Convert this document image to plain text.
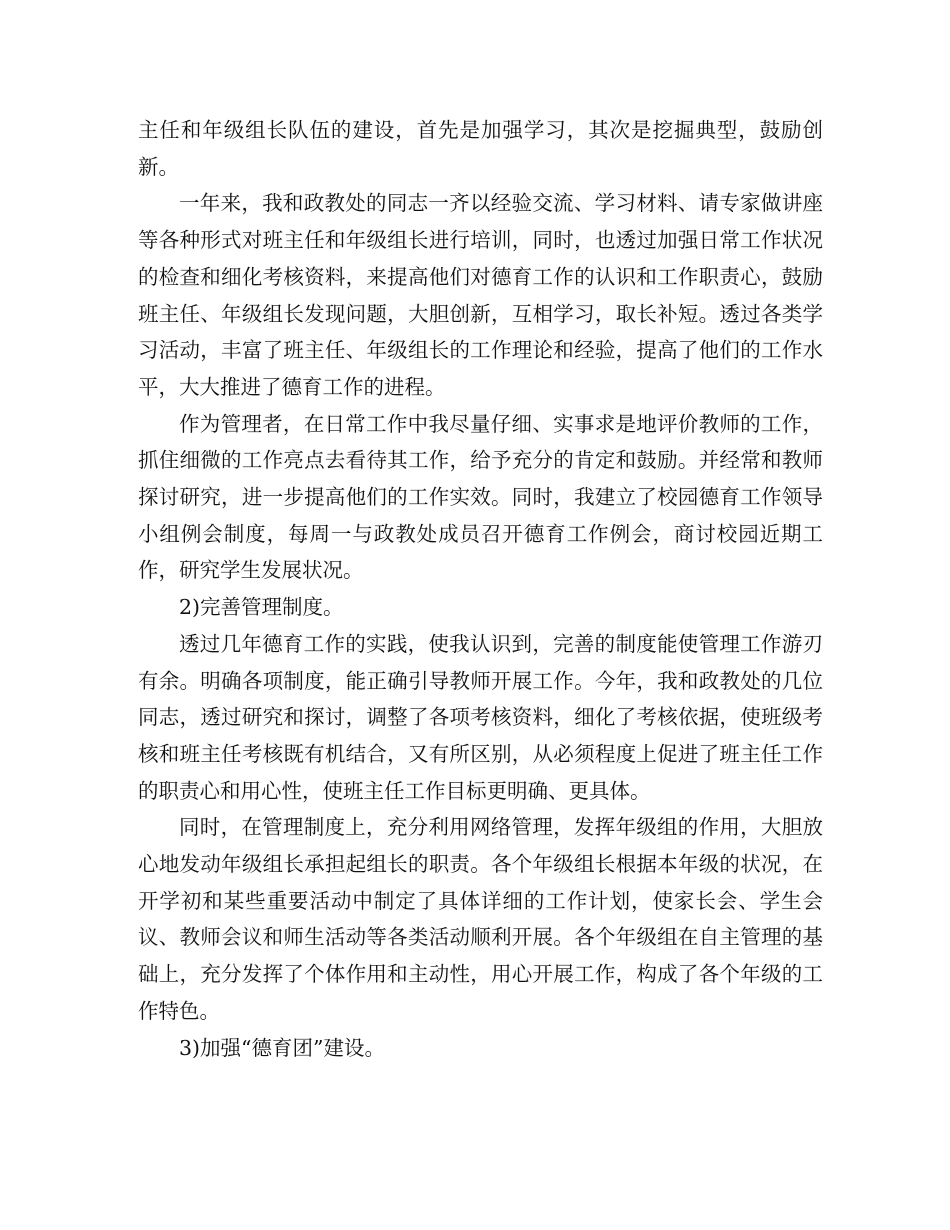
主任和年级组长队伍的建设，首先是加强学习，其次是挖掘典型，鼓励创新。

一年来，我和政教处的同志一齐以经验交流、学习材料、请专家做讲座等各种形式对班主任和年级组长进行培训，同时，也透过加强日常工作状况的检查和细化考核资料，来提高他们对德育工作的认识和工作职责心，鼓励班主任、年级组长发现问题，大胆创新，互相学习，取长补短。透过各类学习活动，丰富了班主任、年级组长的工作理论和经验，提高了他们的工作水平，大大推进了德育工作的进程。

作为管理者，在日常工作中我尽量仔细、实事求是地评价教师的工作，抓住细微的工作亮点去看待其工作，给予充分的肯定和鼓励。并经常和教师探讨研究，进一步提高他们的工作实效。同时，我建立了校园德育工作领导小组例会制度，每周一与政教处成员召开德育工作例会，商讨校园近期工作，研究学生发展状况。

2)完善管理制度。

透过几年德育工作的实践，使我认识到，完善的制度能使管理工作游刃有余。明确各项制度，能正确引导教师开展工作。今年，我和政教处的几位同志，透过研究和探讨，调整了各项考核资料，细化了考核依据，使班级考核和班主任考核既有机结合，又有所区别，从必须程度上促进了班主任工作的职责心和用心性，使班主任工作目标更明确、更具体。

同时，在管理制度上，充分利用网络管理，发挥年级组的作用，大胆放心地发动年级组长承担起组长的职责。各个年级组长根据本年级的状况，在开学初和某些重要活动中制定了具体详细的工作计划，使家长会、学生会议、教师会议和师生活动等各类活动顺利开展。各个年级组在自主管理的基础上，充分发挥了个体作用和主动性，用心开展工作，构成了各个年级的工作特色。

3)加强“德育团”建设。
